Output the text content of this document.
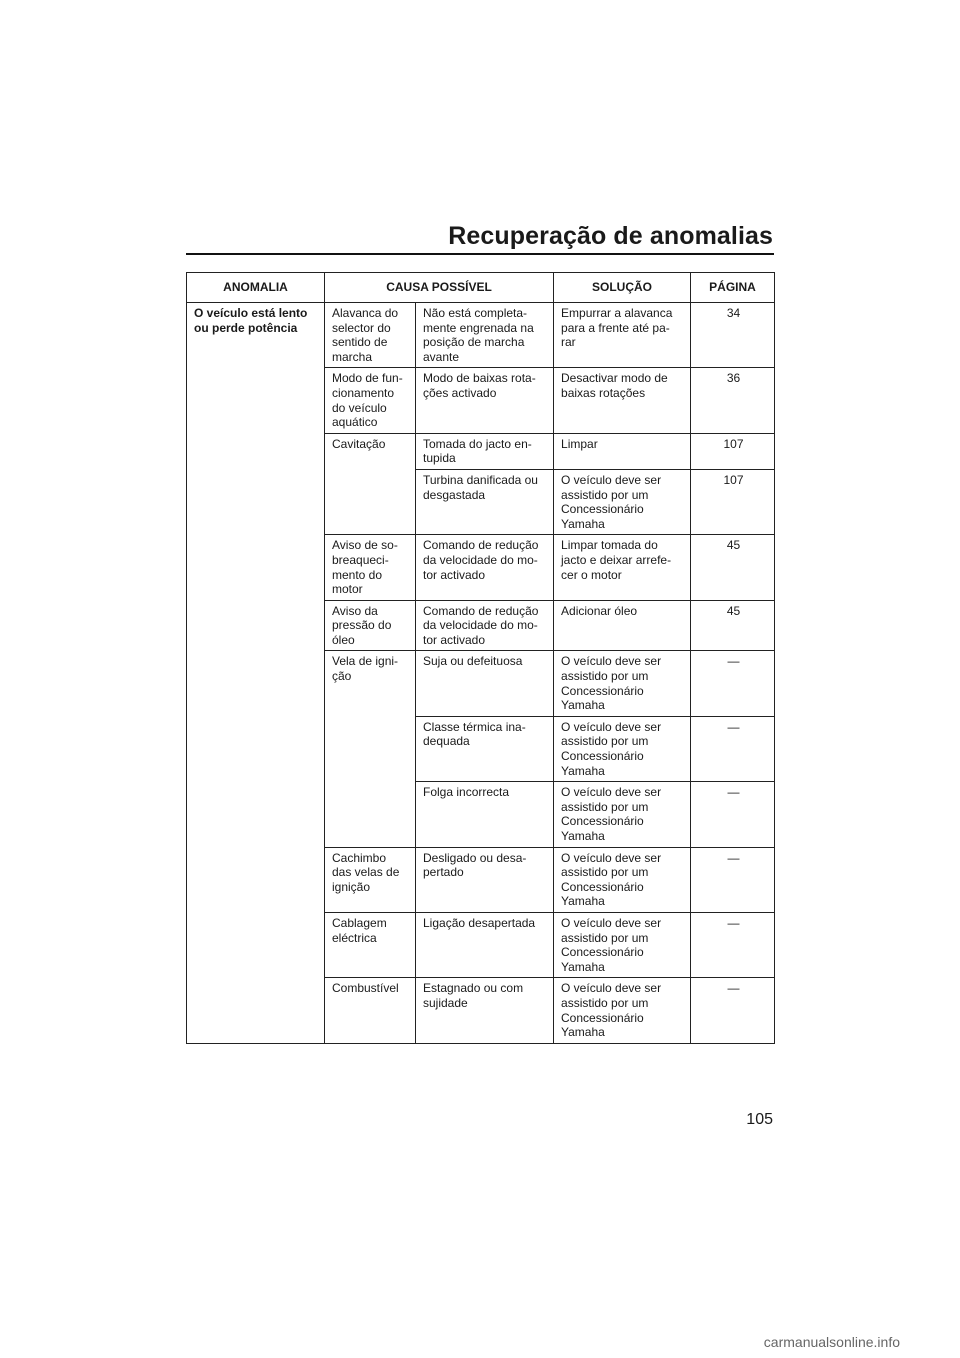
Recuperação de anomalias
ANOMALIA	CAUSA POSSÍVEL		SOLUÇÃO	PÁGINA

O veículo está lento
ou perde potência	Alavanca do
selector do
sentido de
marcha	Não está completa-
mente engrenada na
posição de marcha
avante	Empurrar a alavanca
para a frente até pa-
rar	34

	Modo de fun-
cionamento
do veículo
aquático	Modo de baixas rota-
ções activado	Desactivar modo de
baixas rotações	36

	Cavitação	Tomada do jacto en-
tupida	Limpar	107

		Turbina danificada ou
desgastada	O veículo deve ser
assistido por um
Concessionário
Yamaha	107

	Aviso de so-
breaqueci-
mento do
motor	Comando de redução
da velocidade do mo-
tor activado	Limpar tomada do
jacto e deixar arrefe-
cer o motor	45

	Aviso da
pressão do
óleo	Comando de redução
da velocidade do mo-
tor activado	Adicionar óleo	45

	Vela de igni-
ção	Suja ou defeituosa	O veículo deve ser
assistido por um
Concessionário
Yamaha	—

		Classe térmica ina-
dequada	O veículo deve ser
assistido por um
Concessionário
Yamaha	—

		Folga incorrecta	O veículo deve ser
assistido por um
Concessionário
Yamaha	—

	Cachimbo
das velas de
ignição	Desligado ou desa-
pertado	O veículo deve ser
assistido por um
Concessionário
Yamaha	—

	Cablagem
eléctrica	Ligação desapertada	O veículo deve ser
assistido por um
Concessionário
Yamaha	—

	Combustível	Estagnado ou com
sujidade	O veículo deve ser
assistido por um
Concessionário
Yamaha	—
105
carmanualsonline.info
